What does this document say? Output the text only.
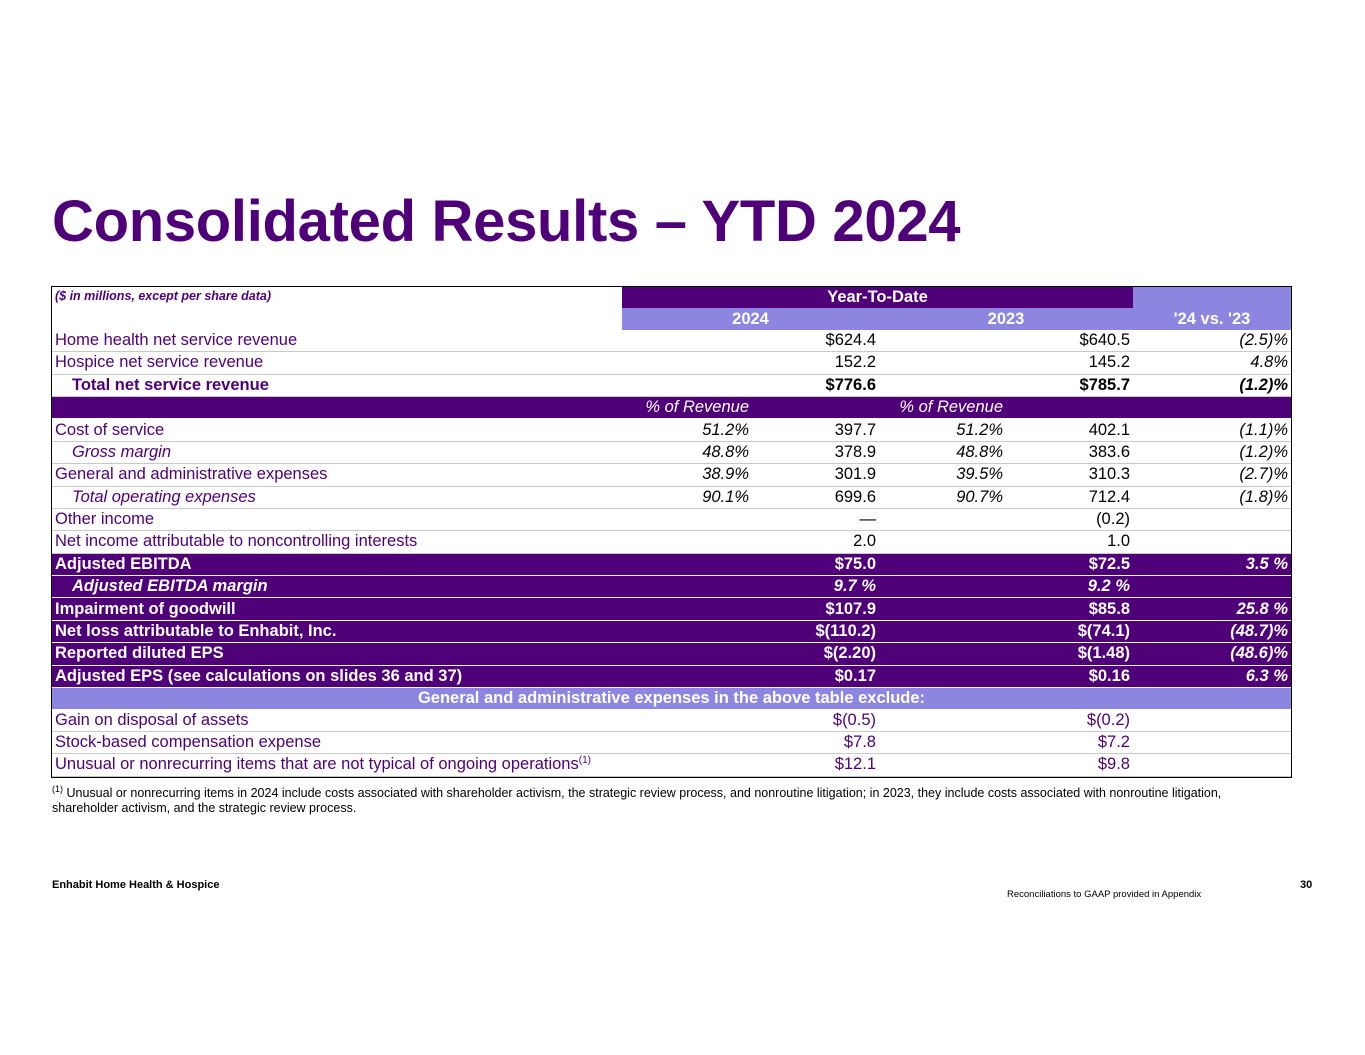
Consolidated Results – YTD 2024
($ in millions, except per share data)	Year-To-Date				
	2024		2023		'24 vs. '23
Home health net service revenue		$624.4		$640.5	(2.5)%
Hospice net service revenue		152.2		145.2	4.8%
Total net service revenue		$776.6		$785.7	(1.2)%
	% of Revenue		% of Revenue		
Cost of service	51.2%	397.7	51.2%	402.1	(1.1)%
Gross margin	48.8%	378.9	48.8%	383.6	(1.2)%
General and administrative expenses	38.9%	301.9	39.5%	310.3	(2.7)%
Total operating expenses	90.1%	699.6	90.7%	712.4	(1.8)%
Other income		—		(0.2)	
Net income attributable to noncontrolling interests		2.0		1.0	
Adjusted EBITDA		$75.0		$72.5	3.5 %
Adjusted EBITDA margin		9.7 %		9.2 %	
Impairment of goodwill		$107.9		$85.8	25.8 %
Net loss attributable to Enhabit, Inc.		$(110.2)		$(74.1)	(48.7)%
Reported diluted EPS		$(2.20)		$(1.48)	(48.6)%
Adjusted EPS (see calculations on slides 36 and 37)		$0.17		$0.16	6.3 %
General and administrative expenses in the above table exclude:					
Gain on disposal of assets		$(0.5)		$(0.2)	
Stock-based compensation expense		$7.8		$7.2	
Unusual or nonrecurring items that are not typical of ongoing operations$^{(1)}$		$12.1		$9.8	
$^{(1)}$ Unusual or nonrecurring items in 2024 include costs associated with shareholder activism, the strategic review process, and nonroutine litigation; in 2023, they include costs associated with nonroutine litigation, shareholder activism, and the strategic review process.
Enhabit Home Health & Hospice	30
Reconciliations to GAAP provided in Appendix
